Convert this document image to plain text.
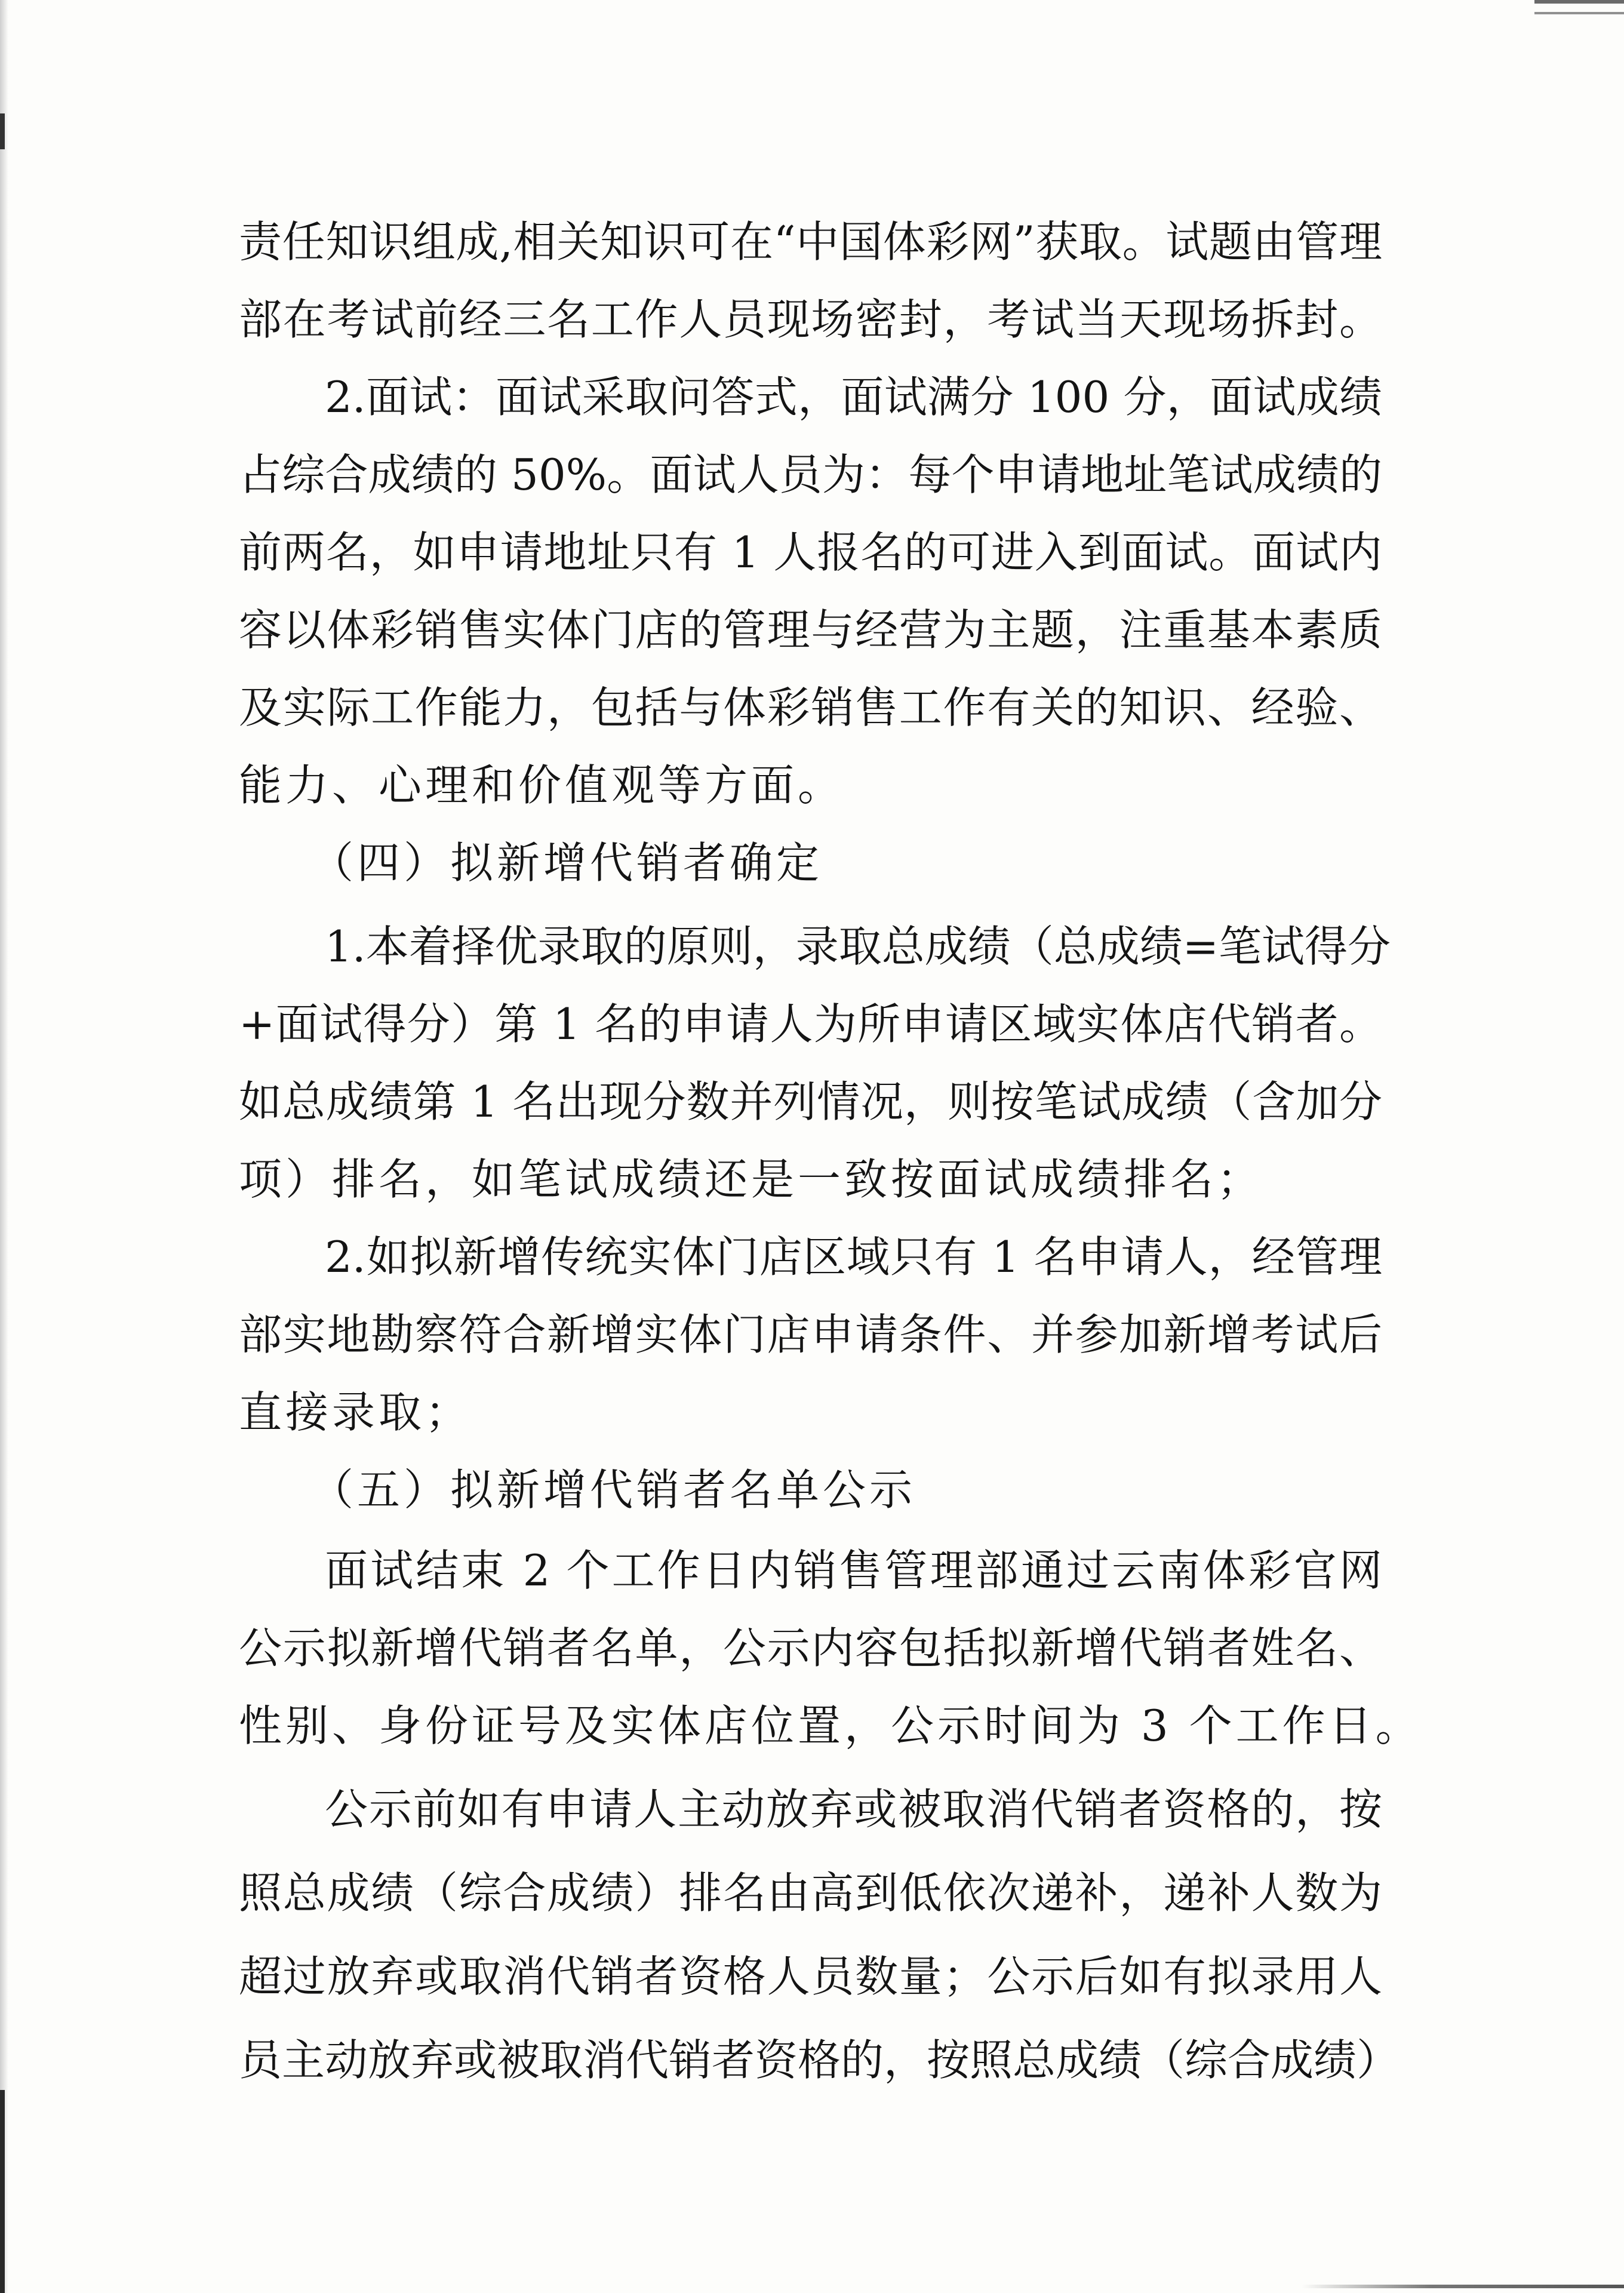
责任知识组成,相关知识可在“中国体彩网”获取。试题由管理
部在考试前经三名工作人员现场密封，考试当天现场拆封。
2.面试：面试采取问答式，面试满分 100 分，面试成绩
占综合成绩的 50%。面试人员为：每个申请地址笔试成绩的
前两名，如申请地址只有 1 人报名的可进入到面试。面试内
容以体彩销售实体门店的管理与经营为主题，注重基本素质
及实际工作能力，包括与体彩销售工作有关的知识、经验、
能力、心理和价值观等方面。
（四）拟新增代销者确定
1.本着择优录取的原则，录取总成绩（总成绩=笔试得分
+面试得分）第 1 名的申请人为所申请区域实体店代销者。
如总成绩第 1 名出现分数并列情况，则按笔试成绩（含加分
项）排名，如笔试成绩还是一致按面试成绩排名；
2.如拟新增传统实体门店区域只有 1 名申请人，经管理
部实地勘察符合新增实体门店申请条件、并参加新增考试后
直接录取；
（五）拟新增代销者名单公示
面试结束 2 个工作日内销售管理部通过云南体彩官网
公示拟新增代销者名单，公示内容包括拟新增代销者姓名、
性别、身份证号及实体店位置，公示时间为 3 个工作日。
公示前如有申请人主动放弃或被取消代销者资格的，按
照总成绩（综合成绩）排名由高到低依次递补，递补人数为
超过放弃或取消代销者资格人员数量；公示后如有拟录用人
员主动放弃或被取消代销者资格的，按照总成绩（综合成绩）
